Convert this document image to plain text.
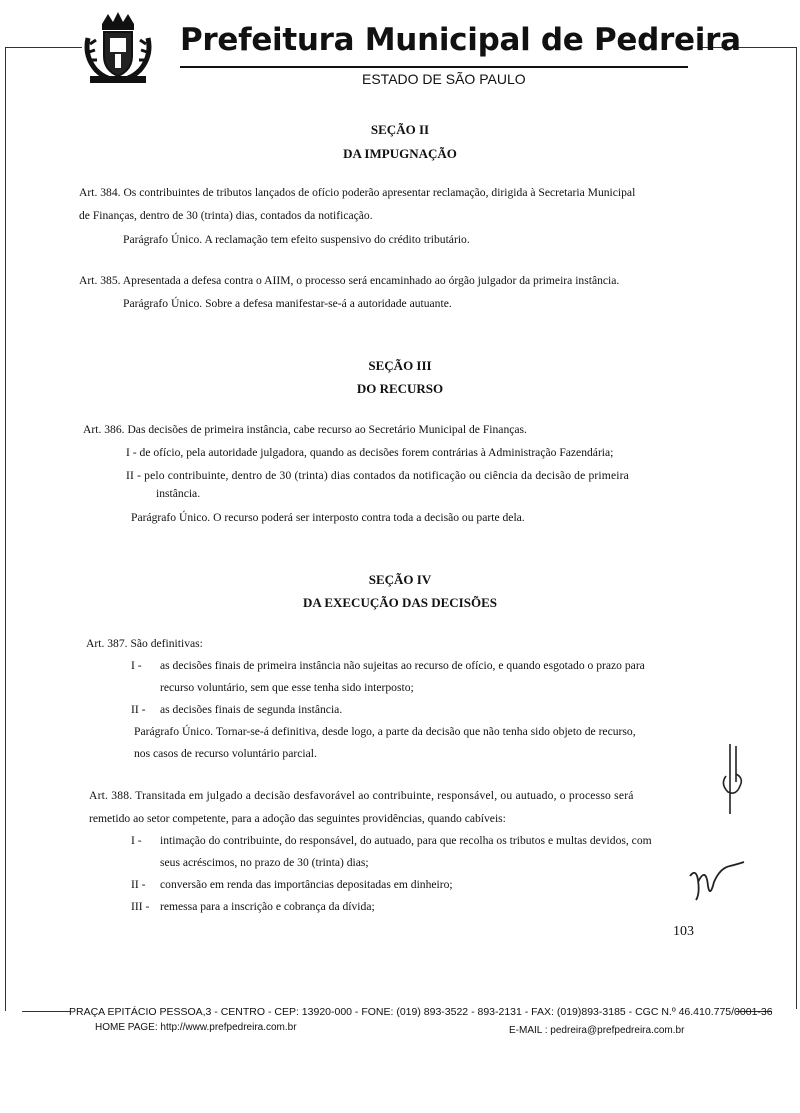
Prefeitura Municipal de Pedreira
ESTADO DE SÃO PAULO
SEÇÃO II
DA IMPUGNAÇÃO
Art. 384. Os contribuintes de tributos lançados de ofício poderão apresentar reclamação, dirigida à Secretaria Municipal
de Finanças, dentro de 30 (trinta) dias, contados da notificação.
Parágrafo Único. A reclamação tem efeito suspensivo do crédito tributário.
Art. 385. Apresentada a defesa contra o AIIM, o processo será encaminhado ao órgão julgador da primeira instância.
Parágrafo Único. Sobre a defesa manifestar-se-á a autoridade autuante.
SEÇÃO III
DO RECURSO
Art. 386. Das decisões de primeira instância, cabe recurso ao Secretário Municipal de Finanças.
I - de ofício, pela autoridade julgadora, quando as decisões forem contrárias à Administração Fazendária;
II - pelo contribuinte, dentro de 30 (trinta) dias contados da notificação ou ciência da decisão de primeira
instância.
Parágrafo Único. O recurso poderá ser interposto contra toda a decisão ou parte dela.
SEÇÃO IV
DA EXECUÇÃO DAS DECISÕES
Art. 387. São definitivas:
I - as decisões finais de primeira instância não sujeitas ao recurso de ofício, e quando esgotado o prazo para
recurso voluntário, sem que esse tenha sido interposto;
II - as decisões finais de segunda instância.
Parágrafo Único. Tornar-se-á definitiva, desde logo, a parte da decisão que não tenha sido objeto de recurso,
nos casos de recurso voluntário parcial.
Art. 388. Transitada em julgado a decisão desfavorável ao contribuinte, responsável, ou autuado, o processo será
remetido ao setor competente, para a adoção das seguintes providências, quando cabíveis:
I - intimação do contribuinte, do responsável, do autuado, para que recolha os tributos e multas devidos, com
seus acréscimos, no prazo de 30 (trinta) dias;
II - conversão em renda das importâncias depositadas em dinheiro;
III - remessa para a inscrição e cobrança da dívida;
103
PRAÇA EPITÁCIO PESSOA,3 - CENTRO - CEP: 13920-000 - FONE: (019) 893-3522 - 893-2131 - FAX: (019)893-3185 - CGC N.º 46.410.775/0001-36
HOME PAGE: http://www.prefpedreira.com.br	E-MAIL : pedreira@prefpedreira.com.br
